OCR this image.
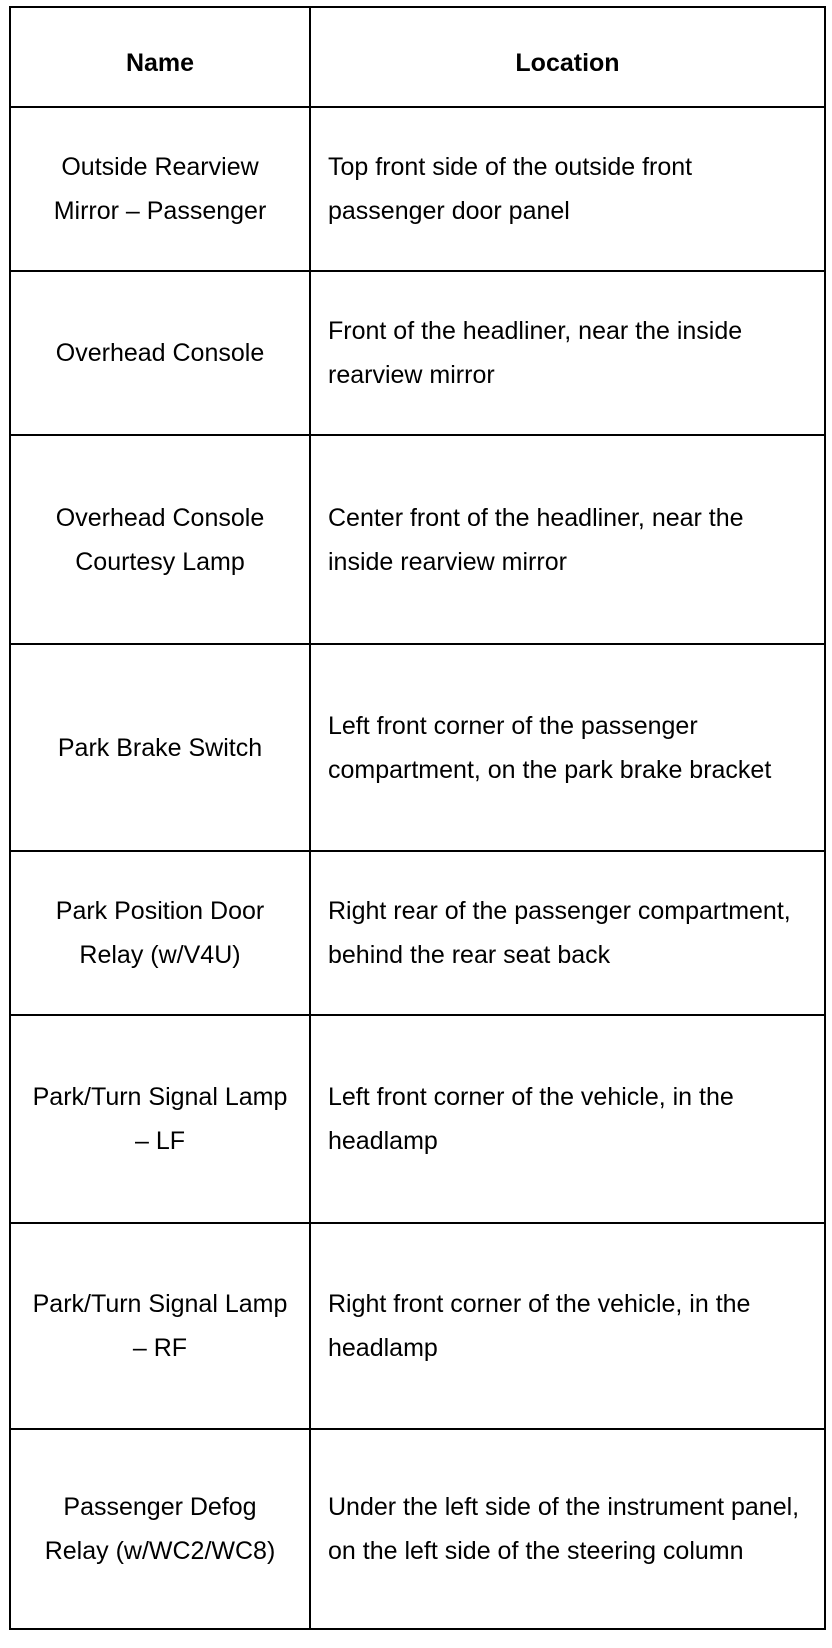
Name	Location
Outside Rearview Mirror – Passenger	Top front side of the outside front passenger door panel
Overhead Console	Front of the headliner, near the inside rearview mirror
Overhead Console Courtesy Lamp	Center front of the headliner, near the inside rearview mirror
Park Brake Switch	Left front corner of the passenger compartment, on the park brake bracket
Park Position Door Relay (w/V4U)	Right rear of the passenger compartment, behind the rear seat back
Park/Turn Signal Lamp – LF	Left front corner of the vehicle, in the headlamp
Park/Turn Signal Lamp – RF	Right front corner of the vehicle, in the headlamp
Passenger Defog Relay (w/WC2/WC8)	Under the left side of the instrument panel, on the left side of the steering column
